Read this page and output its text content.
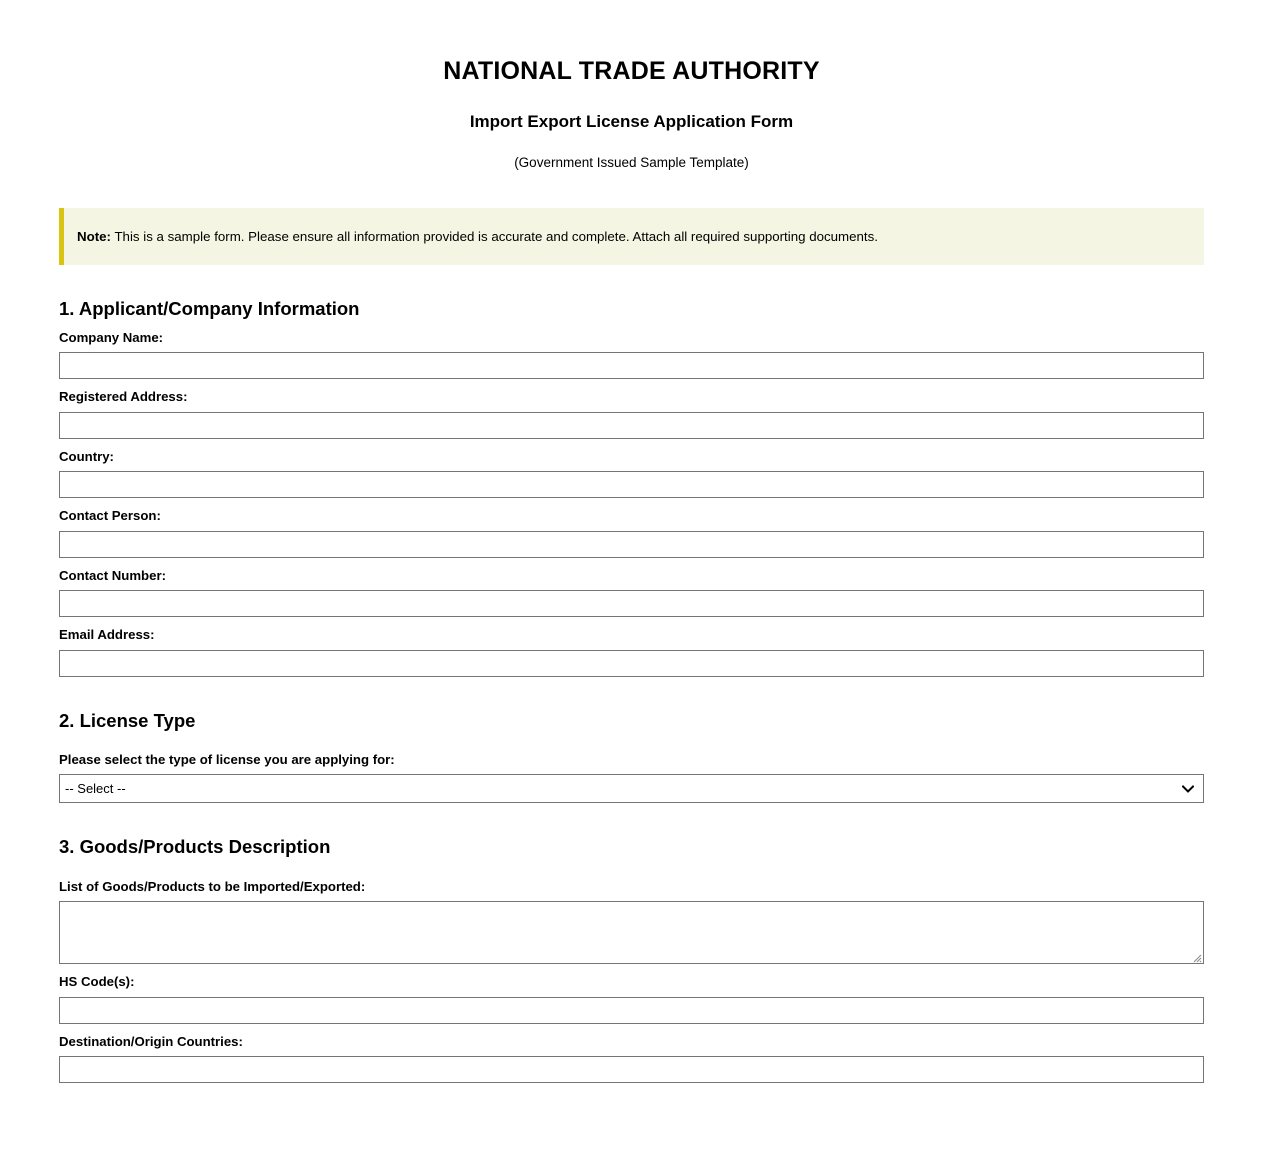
NATIONAL TRADE AUTHORITY
Import Export License Application Form

(Government Issued Sample Template)

Note: This is a sample form. Please ensure all information provided is accurate and complete. Attach all required supporting documents.
1. Applicant/Company Information
Company Name:
Registered Address:
Country:
Contact Person:
Contact Number:
Email Address:
2. License Type
Please select the type of license you are applying for:
-- Select --
3. Goods/Products Description
List of Goods/Products to be Imported/Exported:
HS Code(s):
Destination/Origin Countries:
